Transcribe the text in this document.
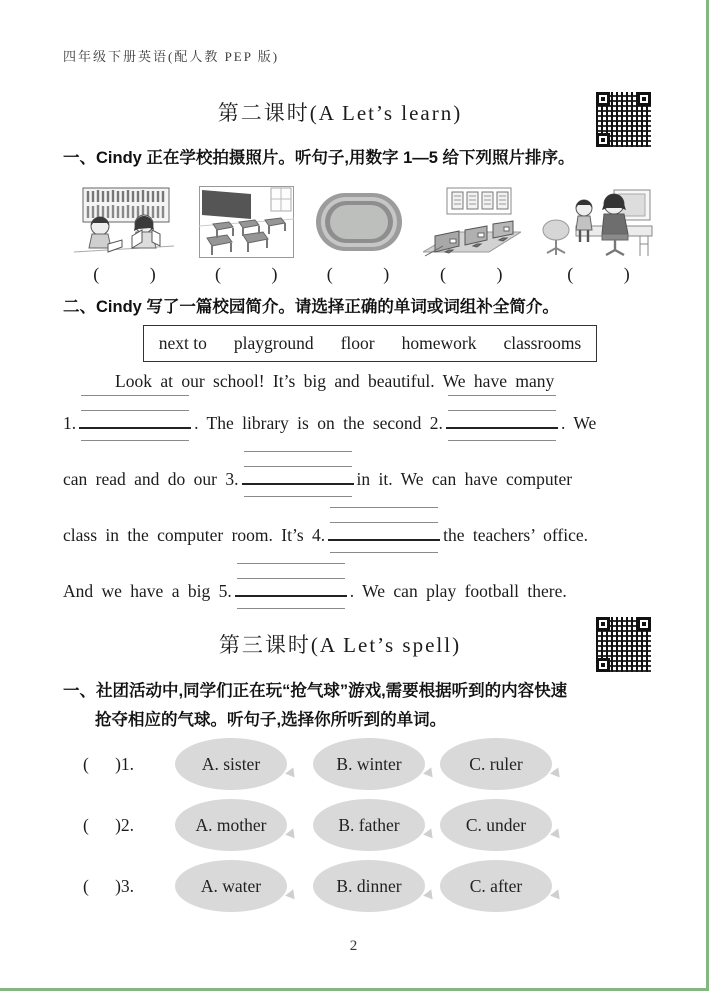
四年级下册英语(配人教 PEP 版)
第二课时(A Let’s learn)

一、Cindy 正在学校拍摄照片。听句子,用数字 1—5 给下列照片排序。

(         )	(         )	(         )	(         )	(         )

二、Cindy 写了一篇校园简介。请选择正确的单词或词组补全简介。

next to playground floor homework classrooms
Look at our school! It’s big and beautiful. We have many
1.	. The library is on the second 2.	. We
can read and do our 3.	in it. We can have computer
class in the computer room. It’s 4.	the teachers’ office.
And we have a big 5.	. We can play football there.
第三课时(A Let’s spell)

一、社团活动中,同学们正在玩“抢气球”游戏,需要根据听到的内容快速

抢夺相应的气球。听句子,选择你所听到的单词。

(      )1.	A. sister	B. winter	C. ruler
(      )2.	A. mother	B. father	C. under
(      )3.	A. water	B. dinner	C. after
2
